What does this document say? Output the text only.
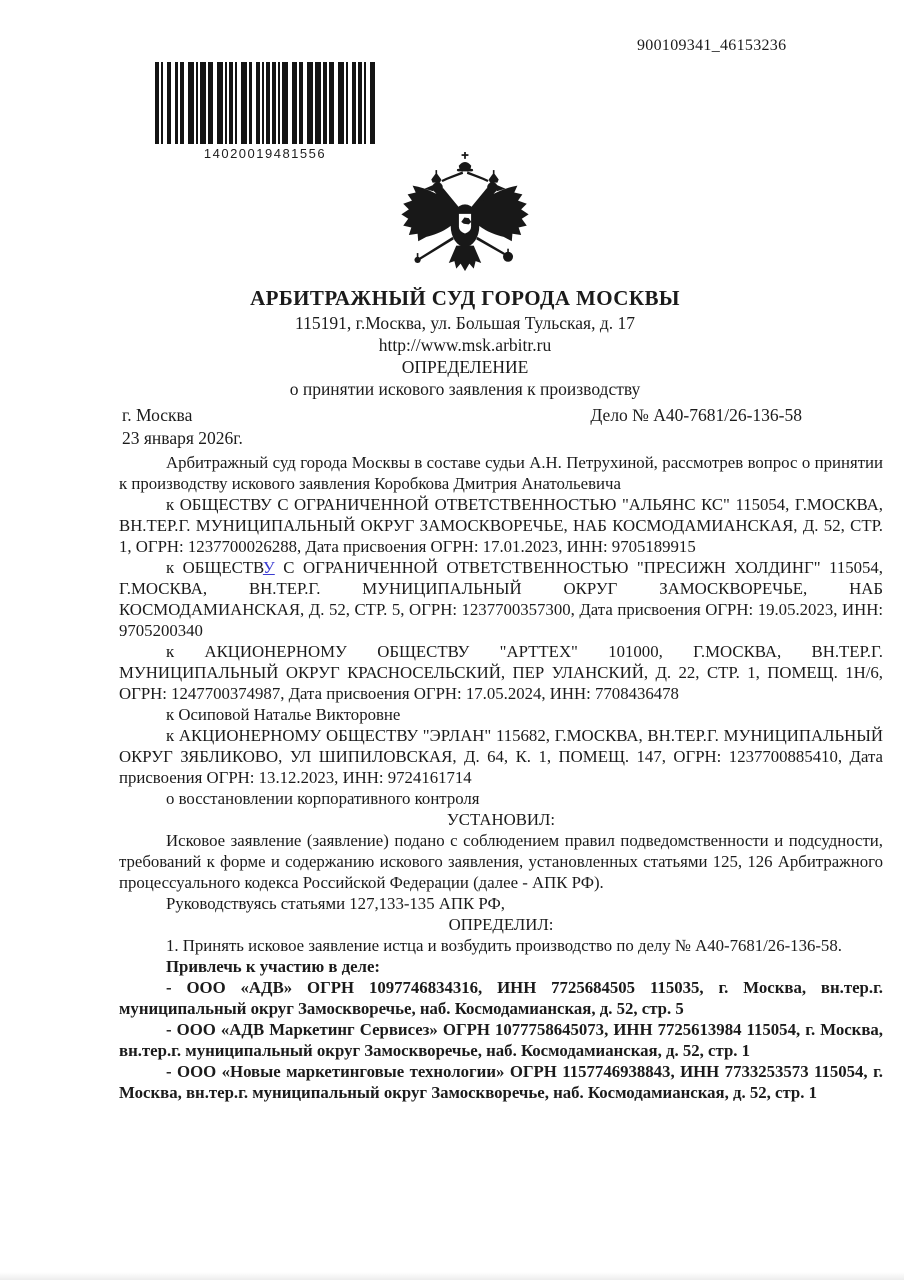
900109341_46153236
14020019481556
АРБИТРАЖНЫЙ СУД ГОРОДА МОСКВЫ
115191, г.Москва, ул. Большая Тульская, д. 17
http://www.msk.arbitr.ru
ОПРЕДЕЛЕНИЕ
о принятии искового заявления к производству
г. Москва	Дело № А40-7681/26-136-58
23 января 2026г.

Арбитражный суд города Москвы в составе судьи А.Н. Петрухиной, рассмотрев вопрос о принятии к производству искового заявления Коробкова Дмитрия Анатольевича

к ОБЩЕСТВУ С ОГРАНИЧЕННОЙ ОТВЕТСТВЕННОСТЬЮ "АЛЬЯНС КС" 115054, Г.МОСКВА, ВН.ТЕР.Г. МУНИЦИПАЛЬНЫЙ ОКРУГ ЗАМОСКВОРЕЧЬЕ, НАБ КОСМОДАМИАНСКАЯ, Д. 52, СТР. 1, ОГРН: 1237700026288, Дата присвоения ОГРН: 17.01.2023, ИНН: 9705189915

к ОБЩЕСТВУ С ОГРАНИЧЕННОЙ ОТВЕТСТВЕННОСТЬЮ "ПРЕСИЖН ХОЛДИНГ" 115054, Г.МОСКВА, ВН.ТЕР.Г. МУНИЦИПАЛЬНЫЙ ОКРУГ ЗАМОСКВОРЕЧЬЕ, НАБ КОСМОДАМИАНСКАЯ, Д. 52, СТР. 5, ОГРН: 1237700357300, Дата присвоения ОГРН: 19.05.2023, ИНН: 9705200340

к АКЦИОНЕРНОМУ ОБЩЕСТВУ "АРТТЕХ" 101000, Г.МОСКВА, ВН.ТЕР.Г. МУНИЦИПАЛЬНЫЙ ОКРУГ КРАСНОСЕЛЬСКИЙ, ПЕР УЛАНСКИЙ, Д. 22, СТР. 1, ПОМЕЩ. 1Н/6, ОГРН: 1247700374987, Дата присвоения ОГРН: 17.05.2024, ИНН: 7708436478

к Осиповой Наталье Викторовне

к АКЦИОНЕРНОМУ ОБЩЕСТВУ "ЭРЛАН" 115682, Г.МОСКВА, ВН.ТЕР.Г. МУНИЦИПАЛЬНЫЙ ОКРУГ ЗЯБЛИКОВО, УЛ ШИПИЛОВСКАЯ, Д. 64, К. 1, ПОМЕЩ. 147, ОГРН: 1237700885410, Дата присвоения ОГРН: 13.12.2023, ИНН: 9724161714

о восстановлении корпоративного контроля

УСТАНОВИЛ:

Исковое заявление (заявление) подано с соблюдением правил подведомственности и подсудности, требований к форме и содержанию искового заявления, установленных статьями 125, 126 Арбитражного процессуального кодекса Российской Федерации (далее - АПК РФ).

Руководствуясь статьями 127,133-135 АПК РФ,

ОПРЕДЕЛИЛ:

1. Принять исковое заявление истца и возбудить производство по делу № А40-7681/26-136-58.

Привлечь к участию в деле:

- ООО «АДВ» ОГРН 1097746834316, ИНН 7725684505 115035, г. Москва, вн.тер.г. муниципальный округ Замоскворечье, наб. Космодамианская, д. 52, стр. 5

- ООО «АДВ Маркетинг Сервисез» ОГРН 1077758645073, ИНН 7725613984 115054, г. Москва, вн.тер.г. муниципальный округ Замоскворечье, наб. Космодамианская, д. 52, стр. 1

- ООО «Новые маркетинговые технологии» ОГРН 1157746938843, ИНН 7733253573 115054, г. Москва, вн.тер.г. муниципальный округ Замоскворечье, наб. Космодамианская, д. 52, стр. 1
